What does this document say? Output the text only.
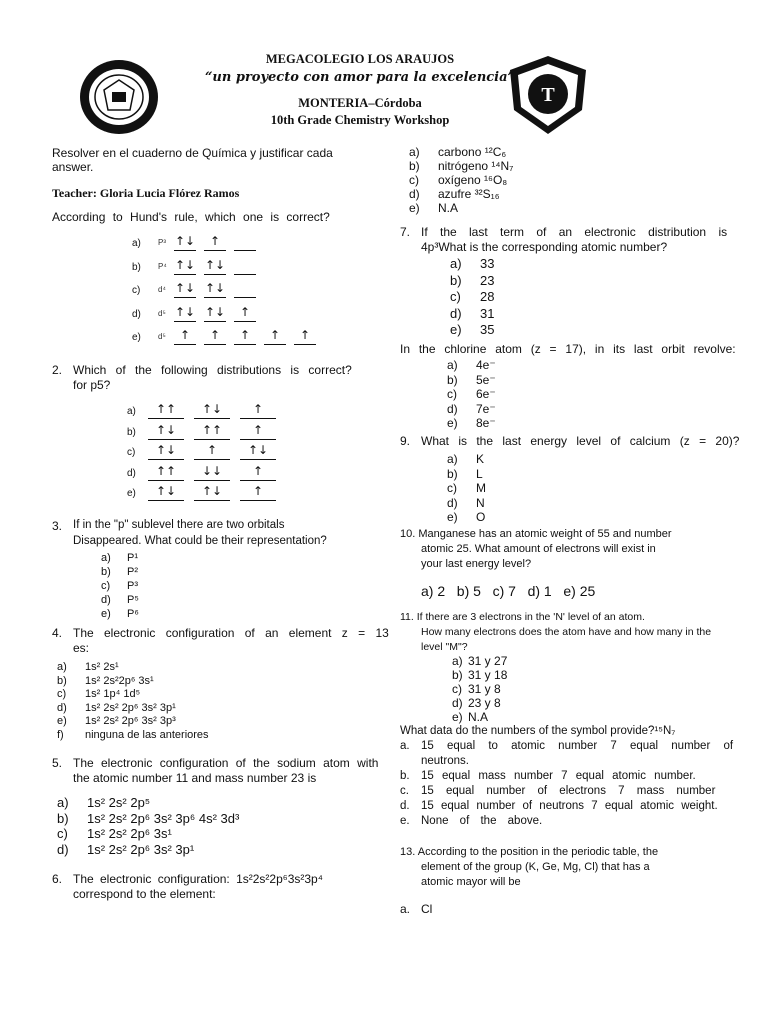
T
MEGACOLEGIO LOS ARAUJOS
“un proyecto con amor para la excelencia”
MONTERIA–Córdoba
10th Grade Chemistry Workshop
Resolver en el cuaderno de Química y justificar cada
answer.
Teacher: Gloria Lucia Flórez Ramos
According to Hund's rule, which one is correct?
a) P³ ↑↓	↑
b) P⁴ ↑↓ ↑↓
c) d⁴ ↑↓ ↑↓
d) d⁵ ↑↓ ↑↓	↑
e) d⁵	↑	↑	↑	↑	↑
2. Which of the following distributions is correct?
for p5?
a)	↑↑	↑↓	↑
b)	↑↓	↑↑	↑
c)	↑↓	↑	↑↓
d)	↑↑	↓↓	↑
e)	↑↓	↑↓	↑
3. If in the "p" sublevel there are two orbitals
Disappeared. What could be their representation?
a) P¹
b) P²
c) P³
d) P⁵
e) P⁶
4. The electronic configuration of an element z = 13
es:
a) 1s² 2s¹
b) 1s² 2s²2p⁶ 3s¹
c) 1s² 1p⁴ 1d⁵
d) 1s² 2s² 2p⁶ 3s² 3p¹
e) 1s² 2s² 2p⁶ 3s² 3p³
f) ninguna de las anteriores
5. The electronic configuration of the sodium atom with
the atomic number 11 and mass number 23 is
a) 1s² 2s² 2p⁵
b) 1s² 2s² 2p⁶ 3s² 3p⁶ 4s² 3d³
c) 1s² 2s² 2p⁶ 3s¹
d) 1s² 2s² 2p⁶ 3s² 3p¹
6. The electronic configuration: 1s²2s²2p⁶3s²3p⁴
correspond to the element:
a) carbono ¹²C₆
b) nitrógeno ¹⁴N₇
c) oxígeno ¹⁶O₈
d) azufre ³²S₁₆
e) N.A
7. If the last term of an electronic distribution is
4p³What is the corresponding atomic number?
a) 33
b) 23
c) 28
d) 31
e) 35
In the chlorine atom (z = 17), in its last orbit revolve:
a) 4e⁻
b) 5e⁻
c) 6e⁻
d) 7e⁻
e) 8e⁻
9. What is the last energy level of calcium (z = 20)?
a) K
b) L
c) M
d) N
e) O
10. Manganese has an atomic weight of 55 and number
atomic 25. What amount of electrons will exist in
your last energy level?
a) 2   b) 5   c) 7   d) 1   e) 25
11. If there are 3 electrons in the 'N' level of an atom.
How many electrons does the atom have and how many in the
level "M"?
a) 31 y 27
b) 31 y 18
c) 31 y 8
d) 23 y 8
e) N.A
What data do the numbers of the symbol provide?¹⁵N₇
a. 15 equal to atomic number 7 equal number of
neutrons.
b. 15 equal mass number 7 equal atomic number.
c. 15 equal number of electrons 7 mass number
d. 15 equal number of neutrons 7 equal atomic weight.
e. None of the above.
13. According to the position in the periodic table, the
element of the group (K, Ge, Mg, Cl) that has a
atomic mayor will be
a. Cl
